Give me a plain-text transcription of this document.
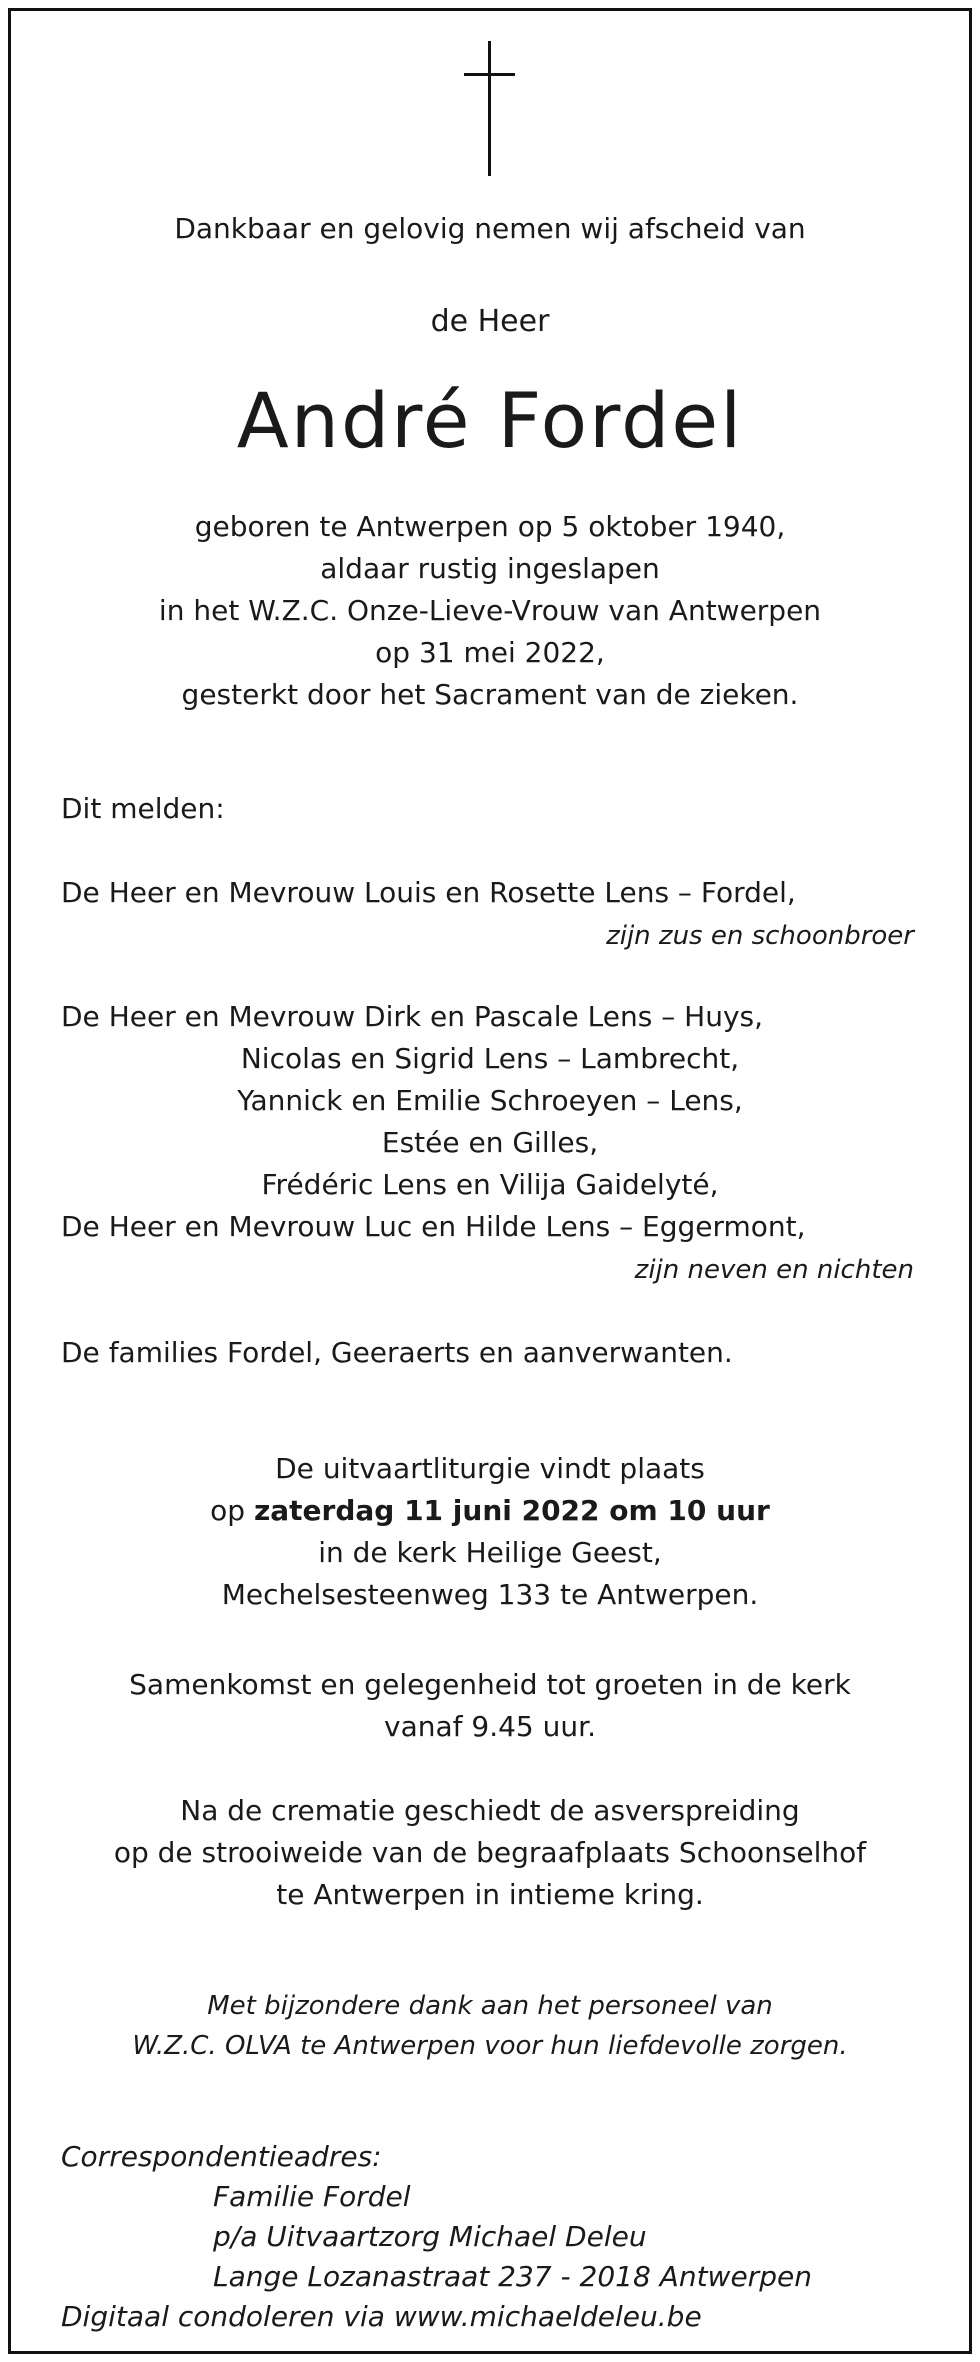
Dankbaar en gelovig nemen wij afscheid van
de Heer
André Fordel
geboren te Antwerpen op 5 oktober 1940,
aldaar rustig ingeslapen
in het W.Z.C. Onze-Lieve-Vrouw van Antwerpen
op 31 mei 2022,
gesterkt door het Sacrament van de zieken.
Dit melden:
De Heer en Mevrouw Louis en Rosette Lens – Fordel,
zijn zus en schoonbroer
De Heer en Mevrouw Dirk en Pascale Lens – Huys,
Nicolas en Sigrid Lens – Lambrecht,
Yannick en Emilie Schroeyen – Lens,
Estée en Gilles,
Frédéric Lens en Vilija Gaidelyté,
De Heer en Mevrouw Luc en Hilde Lens – Eggermont,
zijn neven en nichten
De families Fordel, Geeraerts en aanverwanten.
De uitvaartliturgie vindt plaats
op zaterdag 11 juni 2022 om 10 uur
in de kerk Heilige Geest,
Mechelsesteenweg 133 te Antwerpen.
Samenkomst en gelegenheid tot groeten in de kerk
vanaf 9.45 uur.
Na de crematie geschiedt de asverspreiding
op de strooiweide van de begraafplaats Schoonselhof
te Antwerpen in intieme kring.
Met bijzondere dank aan het personeel van
W.Z.C. OLVA te Antwerpen voor hun liefdevolle zorgen.
Correspondentieadres:
Familie Fordel
p/a Uitvaartzorg Michael Deleu
Lange Lozanastraat 237 - 2018 Antwerpen
Digitaal condoleren via www.michaeldeleu.be
